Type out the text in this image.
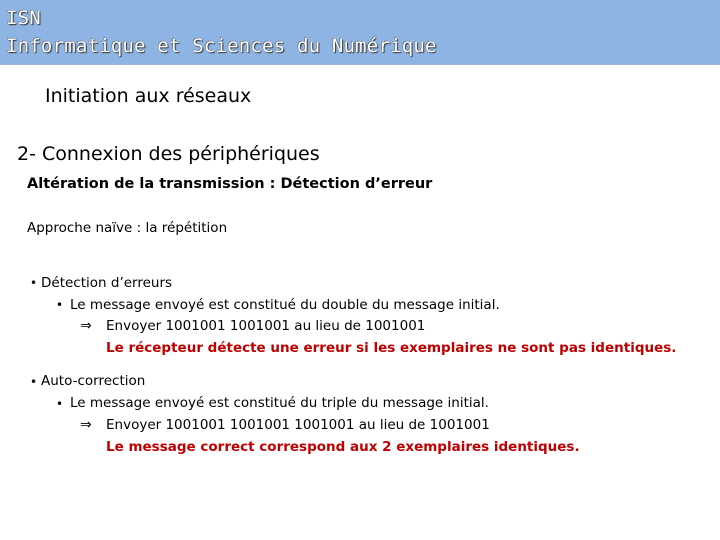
ISN
Informatique et Sciences du Numérique
Initiation aux réseaux
2- Connexion des périphériques
Altération de la transmission : Détection d’erreur
Approche naïve : la répétition
• Détection d’erreurs
• Le message envoyé est constitué du double du message initial.
⇒ Envoyer 1001001 1001001 au lieu de 1001001
Le récepteur détecte une erreur si les exemplaires ne sont pas identiques.
• Auto-correction
• Le message envoyé est constitué du triple du message initial.
⇒ Envoyer 1001001 1001001 1001001 au lieu de 1001001
Le message correct correspond aux 2 exemplaires identiques.
